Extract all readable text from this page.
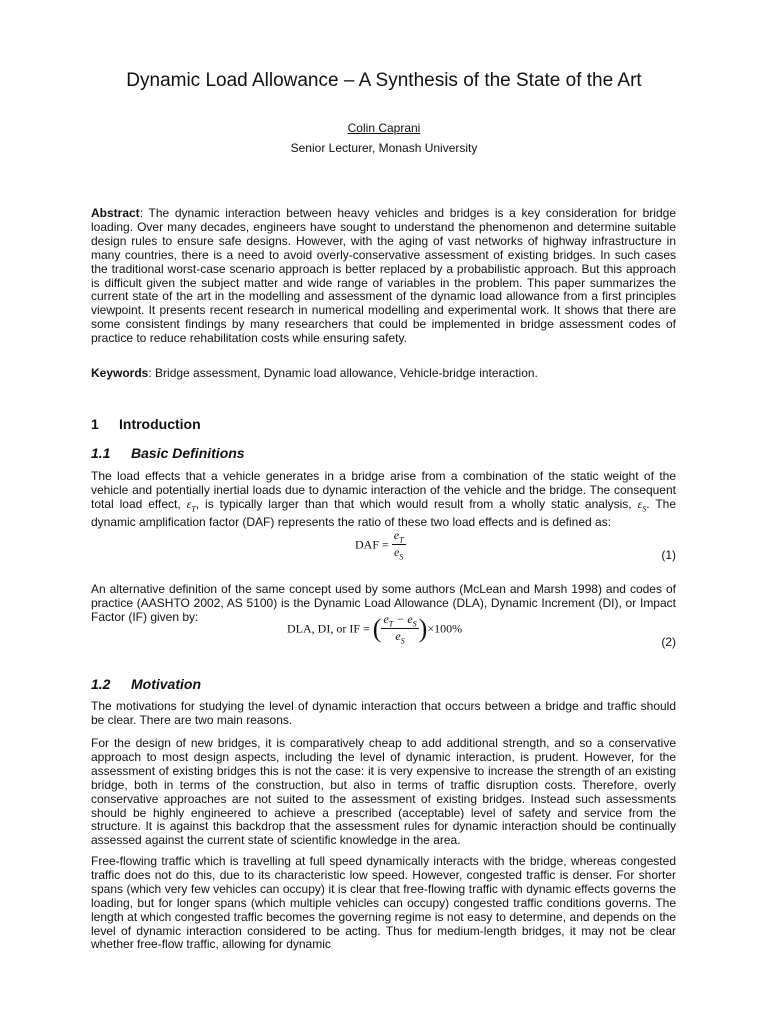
Dynamic Load Allowance – A Synthesis of the State of the Art
Colin Caprani
Senior Lecturer, Monash University
Abstract: The dynamic interaction between heavy vehicles and bridges is a key consideration for bridge loading. Over many decades, engineers have sought to understand the phenomenon and determine suitable design rules to ensure safe designs. However, with the aging of vast networks of highway infrastructure in many countries, there is a need to avoid overly-conservative assessment of existing bridges. In such cases the traditional worst-case scenario approach is better replaced by a probabilistic approach. But this approach is difficult given the subject matter and wide range of variables in the problem. This paper summarizes the current state of the art in the modelling and assessment of the dynamic load allowance from a first principles viewpoint. It presents recent research in numerical modelling and experimental work. It shows that there are some consistent findings by many researchers that could be implemented in bridge assessment codes of practice to reduce rehabilitation costs while ensuring safety.
Keywords: Bridge assessment, Dynamic load allowance, Vehicle-bridge interaction.
1 Introduction
1.1 Basic Definitions
The load effects that a vehicle generates in a bridge arise from a combination of the static weight of the vehicle and potentially inertial loads due to dynamic interaction of the vehicle and the bridge. The consequent total load effect, $\varepsilon_T$, is typically larger than that which would result from a wholly static analysis, $\varepsilon_S$. The dynamic amplification factor (DAF) represents the ratio of these two load effects and is defined as:
DAF = $\frac{e_T}{e_S}$	(1)
An alternative definition of the same concept used by some authors (McLean and Marsh 1998) and codes of practice (AASHTO 2002, AS 5100) is the Dynamic Load Allowance (DLA), Dynamic Increment (DI), or Impact Factor (IF) given by:
DLA, DI, or IF = ( $\frac{e_T - e_S}{e_S} )\times 100\%$
(2)
1.2 Motivation
The motivations for studying the level of dynamic interaction that occurs between a bridge and traffic should be clear. There are two main reasons.
For the design of new bridges, it is comparatively cheap to add additional strength, and so a conservative approach to most design aspects, including the level of dynamic interaction, is prudent. However, for the assessment of existing bridges this is not the case: it is very expensive to increase the strength of an existing bridge, both in terms of the construction, but also in terms of traffic disruption costs. Therefore, overly conservative approaches are not suited to the assessment of existing bridges. Instead such assessments should be highly engineered to achieve a prescribed (acceptable) level of safety and service from the structure. It is against this backdrop that the assessment rules for dynamic interaction should be continually assessed against the current state of scientific knowledge in the area.
Free-flowing traffic which is travelling at full speed dynamically interacts with the bridge, whereas congested traffic does not do this, due to its characteristic low speed. However, congested traffic is denser. For shorter spans (which very few vehicles can occupy) it is clear that free-flowing traffic with dynamic effects governs the loading, but for longer spans (which multiple vehicles can occupy) congested traffic conditions governs. The length at which congested traffic becomes the governing regime is not easy to determine, and depends on the level of dynamic interaction considered to be acting. Thus for medium-length bridges, it may not be clear whether free-flow traffic, allowing for dynamic
